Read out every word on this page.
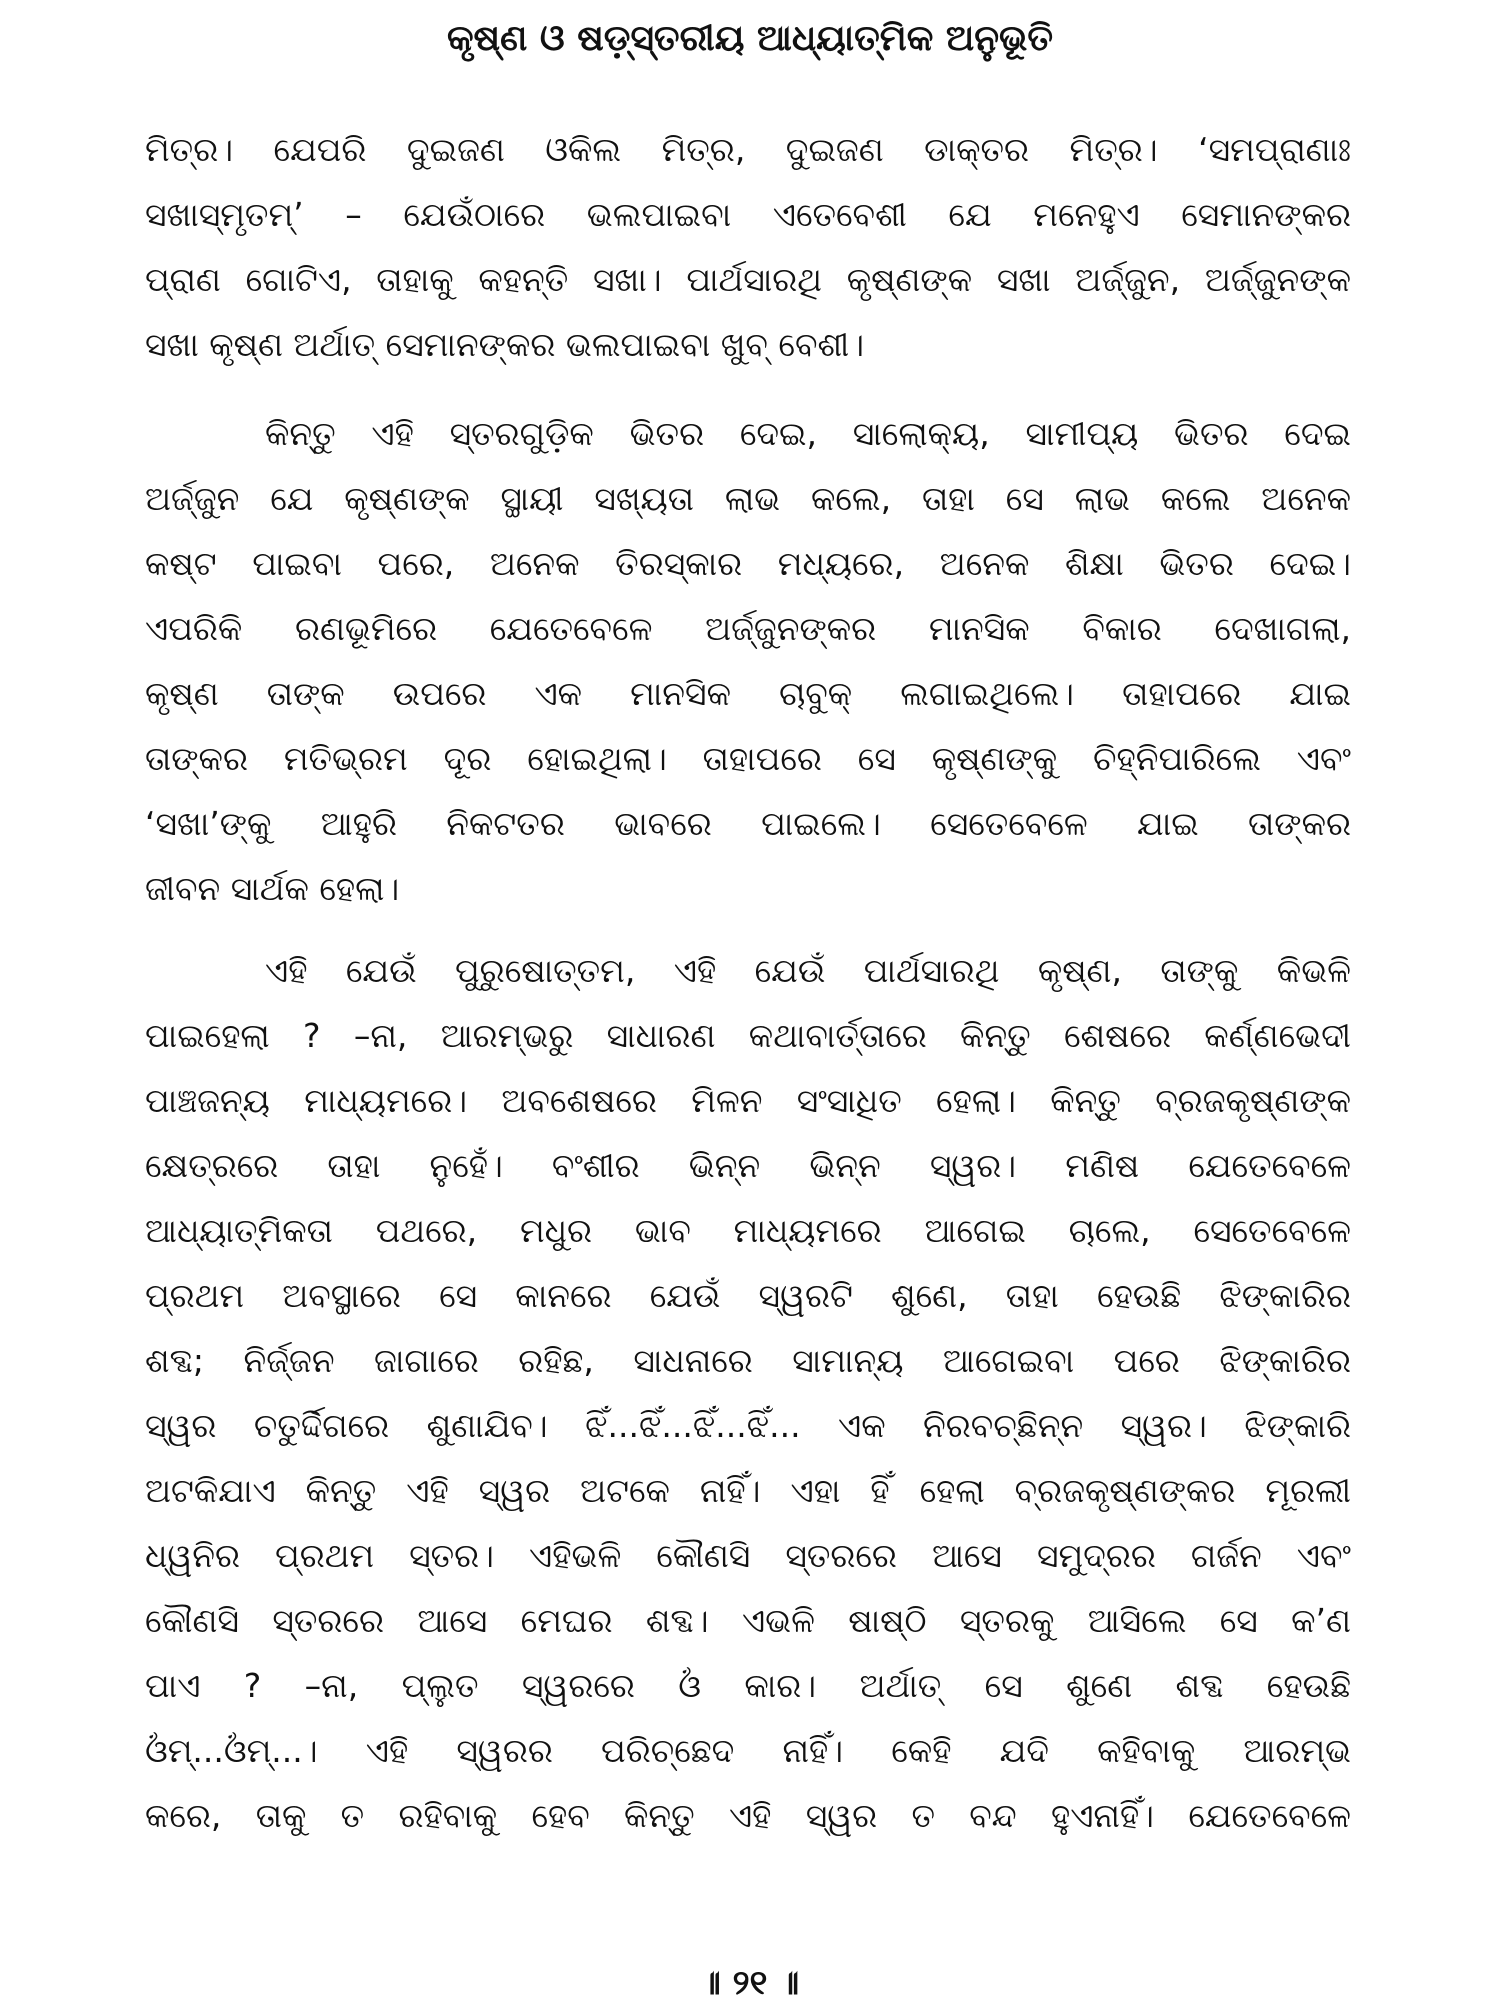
କୃଷ୍ଣ ଓ ଷଡ଼୍‌ସ୍ତରୀୟ ଆଧ୍ୟାତ୍ମିକ ଅନୁଭୂତି
ମିତ୍ର। ଯେପରି ଦୁଇଜଣ ଓକିଲ ମିତ୍ର, ଦୁଇଜଣ ଡାକ୍ତର ମିତ୍ର। ‘ସମପ୍ରାଣାଃ
ସଖାସ୍ମୃତମ୍’ – ଯେଉଁଠାରେ ଭଲପାଇବା ଏତେବେଶୀ ଯେ ମନେହୁଏ ସେମାନଙ୍କର
ପ୍ରାଣ ଗୋଟିଏ, ତାହାକୁ କହନ୍ତି ସଖା। ପାର୍ଥସାରଥି କୃଷ୍ଣଙ୍କ ସଖା ଅର୍ଜ୍ଜୁନ, ଅର୍ଜ୍ଜୁନଙ୍କ
ସଖା କୃଷ୍ଣ ଅର୍ଥାତ୍ ସେମାନଙ୍କର ଭଲପାଇବା ଖୁବ୍ ବେଶୀ।
କିନ୍ତୁ ଏହି ସ୍ତରଗୁଡ଼ିକ ଭିତର ଦେଇ, ସାଲୋକ୍ୟ, ସାମୀପ୍ୟ ଭିତର ଦେଇ
ଅର୍ଜ୍ଜୁନ ଯେ କୃଷ୍ଣଙ୍କ ସ୍ଥାୟୀ ସଖ୍ୟତା ଲାଭ କଲେ, ତାହା ସେ ଲାଭ କଲେ ଅନେକ
କଷ୍ଟ ପାଇବା ପରେ, ଅନେକ ତିରସ୍କାର ମଧ୍ୟରେ, ଅନେକ ଶିକ୍ଷା ଭିତର ଦେଇ।
ଏପରିକି ରଣଭୂମିରେ ଯେତେବେଳେ ଅର୍ଜ୍ଜୁନଙ୍କର ମାନସିକ ବିକାର ଦେଖାଗଲା,
କୃଷ୍ଣ ତାଙ୍କ ଉପରେ ଏକ ମାନସିକ ଚାବୁକ୍ ଲଗାଇଥିଲେ। ତାହାପରେ ଯାଇ
ତାଙ୍କର ମତିଭ୍ରମ ଦୂର ହୋଇଥିଲା। ତାହାପରେ ସେ କୃଷ୍ଣଙ୍କୁ ଚିହ୍ନିପାରିଲେ ଏବଂ
‘ସଖା’ଙ୍କୁ ଆହୁରି ନିକଟତର ଭାବରେ ପାଇଲେ। ସେତେବେଳେ ଯାଇ ତାଙ୍କର
ଜୀବନ ସାର୍ଥକ ହେଲା।
ଏହି ଯେଉଁ ପୁରୁଷୋତ୍ତମ, ଏହି ଯେଉଁ ପାର୍ଥସାରଥି କୃଷ୍ଣ, ତାଙ୍କୁ କିଭଳି
ପାଇହେଲା ? –ନା, ଆରମ୍ଭରୁ ସାଧାରଣ କଥାବାର୍ତ୍ତାରେ କିନ୍ତୁ ଶେଷରେ କର୍ଣ୍ଣଭେଦୀ
ପାଞ୍ଚଜନ୍ୟ ମାଧ୍ୟମରେ। ଅବଶେଷରେ ମିଳନ ସଂସାଧିତ ହେଲା। କିନ୍ତୁ ବ୍ରଜକୃଷ୍ଣଙ୍କ
କ୍ଷେତ୍ରରେ ତାହା ନୁହେଁ। ବଂଶୀର ଭିନ୍ନ ଭିନ୍ନ ସ୍ୱର। ମଣିଷ ଯେତେବେଳେ
ଆଧ୍ୟାତ୍ମିକତା ପଥରେ, ମଧୁର ଭାବ ମାଧ୍ୟମରେ ଆଗେଇ ଚାଲେ, ସେତେବେଳେ
ପ୍ରଥମ ଅବସ୍ଥାରେ ସେ କାନରେ ଯେଉଁ ସ୍ୱରଟି ଶୁଣେ, ତାହା ହେଉଛି ଝିଙ୍କାରିର
ଶବ୍ଦ; ନିର୍ଜ୍ଜନ ଜାଗାରେ ରହିଛ, ସାଧନାରେ ସାମାନ୍ୟ ଆଗେଇବା ପରେ ଝିଙ୍କାରିର
ସ୍ୱର ଚତୁର୍ଦ୍ଦିଗରେ ଶୁଣାଯିବ। ଝିଁ...ଝିଁ...ଝିଁ...ଝିଁ... ଏକ ନିରବଚ୍ଛିନ୍ନ ସ୍ୱର। ଝିଙ୍କାରି
ଅଟକିଯାଏ କିନ୍ତୁ ଏହି ସ୍ୱର ଅଟକେ ନାହିଁ। ଏହା ହିଁ ହେଲା ବ୍ରଜକୃଷ୍ଣଙ୍କର ମୂରଲୀ
ଧ୍ୱନିର ପ୍ରଥମ ସ୍ତର। ଏହିଭଳି କୌଣସି ସ୍ତରରେ ଆସେ ସମୁଦ୍ରର ଗର୍ଜନ ଏବଂ
କୌଣସି ସ୍ତରରେ ଆସେ ମେଘର ଶବ୍ଦ। ଏଭଳି ଷାଷ୍ଠି ସ୍ତରକୁ ଆସିଲେ ସେ କ’ଣ
ପାଏ ? –ନା, ପ୍ଲୁତ ସ୍ୱରରେ ଓଁ କାର। ଅର୍ଥାତ୍ ସେ ଶୁଣେ ଶବ୍ଦ ହେଉଛି
ଓଁମ୍...ଓଁମ୍...। ଏହି ସ୍ୱରର ପରିଚ୍ଛେଦ ନାହିଁ। କେହି ଯଦି କହିବାକୁ ଆରମ୍ଭ
କରେ, ତାକୁ ତ ରହିବାକୁ ହେବ କିନ୍ତୁ ଏହି ସ୍ୱର ତ ବନ୍ଦ ହୁଏନାହିଁ। ଯେତେବେଳେ
॥ ୨୧ ॥
